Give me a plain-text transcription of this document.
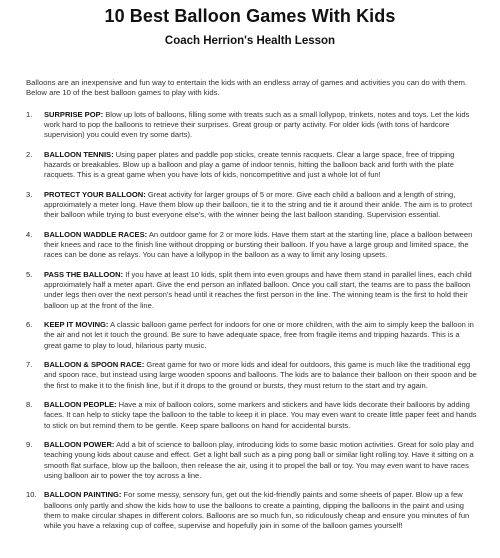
10 Best Balloon Games With Kids
Coach Herrion's Health Lesson

Balloons are an inexpensive and fun way to entertain the kids with an endless array of games and activities you can do with them. Below are 10 of the best balloon games to play with kids.

1.	SURPRISE POP: Blow up lots of balloons, filling some with treats such as a small lollypop, trinkets, notes and toys. Let the kids work hard to pop the balloons to retrieve their surprises. Great group or party activity. For older kids (with tons of hardcore supervision) you could even try some darts).
2.	BALLOON TENNIS: Using paper plates and paddle pop sticks, create tennis racquets. Clear a large space, free of tripping hazards or breakables. Blow up a balloon and play a game of indoor tennis, hitting the balloon back and forth with the plate racquets. This is a great game when you have lots of kids, noncompetitive and just a whole lot of fun!
3.	PROTECT YOUR BALLOON: Great activity for larger groups of 5 or more. Give each child a balloon and a length of string, approximately a meter long. Have them blow up their balloon, tie it to the string and tie it around their ankle. The aim is to protect their balloon while trying to bust everyone else's, with the winner being the last balloon standing. Supervision essential.
4.	BALLOON WADDLE RACES: An outdoor game for 2 or more kids. Have them start at the starting line, place a balloon between their knees and race to the finish line without dropping or bursting their balloon. If you have a large group and limited space, the races can be done as relays. You can have a lollypop in the balloon as a way to limit any losing upsets.
5.	PASS THE BALLOON: If you have at least 10 kids, split them into even groups and have them stand in parallel lines, each child approximately half a meter apart. Give the end person an inflated balloon. Once you call start, the teams are to pass the balloon under legs then over the next person's head until it reaches the first person in the line. The winning team is the first to hold their balloon up at the front of the line.
6.	KEEP IT MOVING: A classic balloon game perfect for indoors for one or more children, with the aim to simply keep the balloon in the air and not let it touch the ground. Be sure to have adequate space, free from fragile items and tripping hazards. This is a great game to play to loud, hilarious party music.
7.	BALLOON & SPOON RACE: Great game for two or more kids and ideal for outdoors, this game is much like the traditional egg and spoon race, but instead using large wooden spoons and balloons. The kids are to balance their balloon on their spoon and be the first to make it to the finish line, but if it drops to the ground or bursts, they must return to the start and try again.
8.	BALLOON PEOPLE: Have a mix of balloon colors, some markers and stickers and have kids decorate their balloons by adding faces. It can help to sticky tape the balloon to the table to keep it in place. You may even want to create little paper feet and hands to stick on but remind them to be gentle. Keep spare balloons on hand for accidental bursts.
9.	BALLOON POWER: Add a bit of science to balloon play, introducing kids to some basic motion activities. Great for solo play and teaching young kids about cause and effect. Get a light ball such as a ping pong ball or similar light rolling toy. Have it sitting on a smooth flat surface, blow up the balloon, then release the air, using it to propel the ball or toy. You may even want to have races using balloon air to power the toy across a line.
10. BALLOON PAINTING: For some messy, sensory fun, get out the kid-friendly paints and some sheets of paper. Blow up a few balloons only partly and show the kids how to use the balloons to create a painting, dipping the balloons in the paint and using them to make circular shapes in different colors. Balloons are so much fun, so ridiculously cheap and ensure you minutes of fun while you have a relaxing cup of coffee, supervise and hopefully join in some of the balloon games yourself!
